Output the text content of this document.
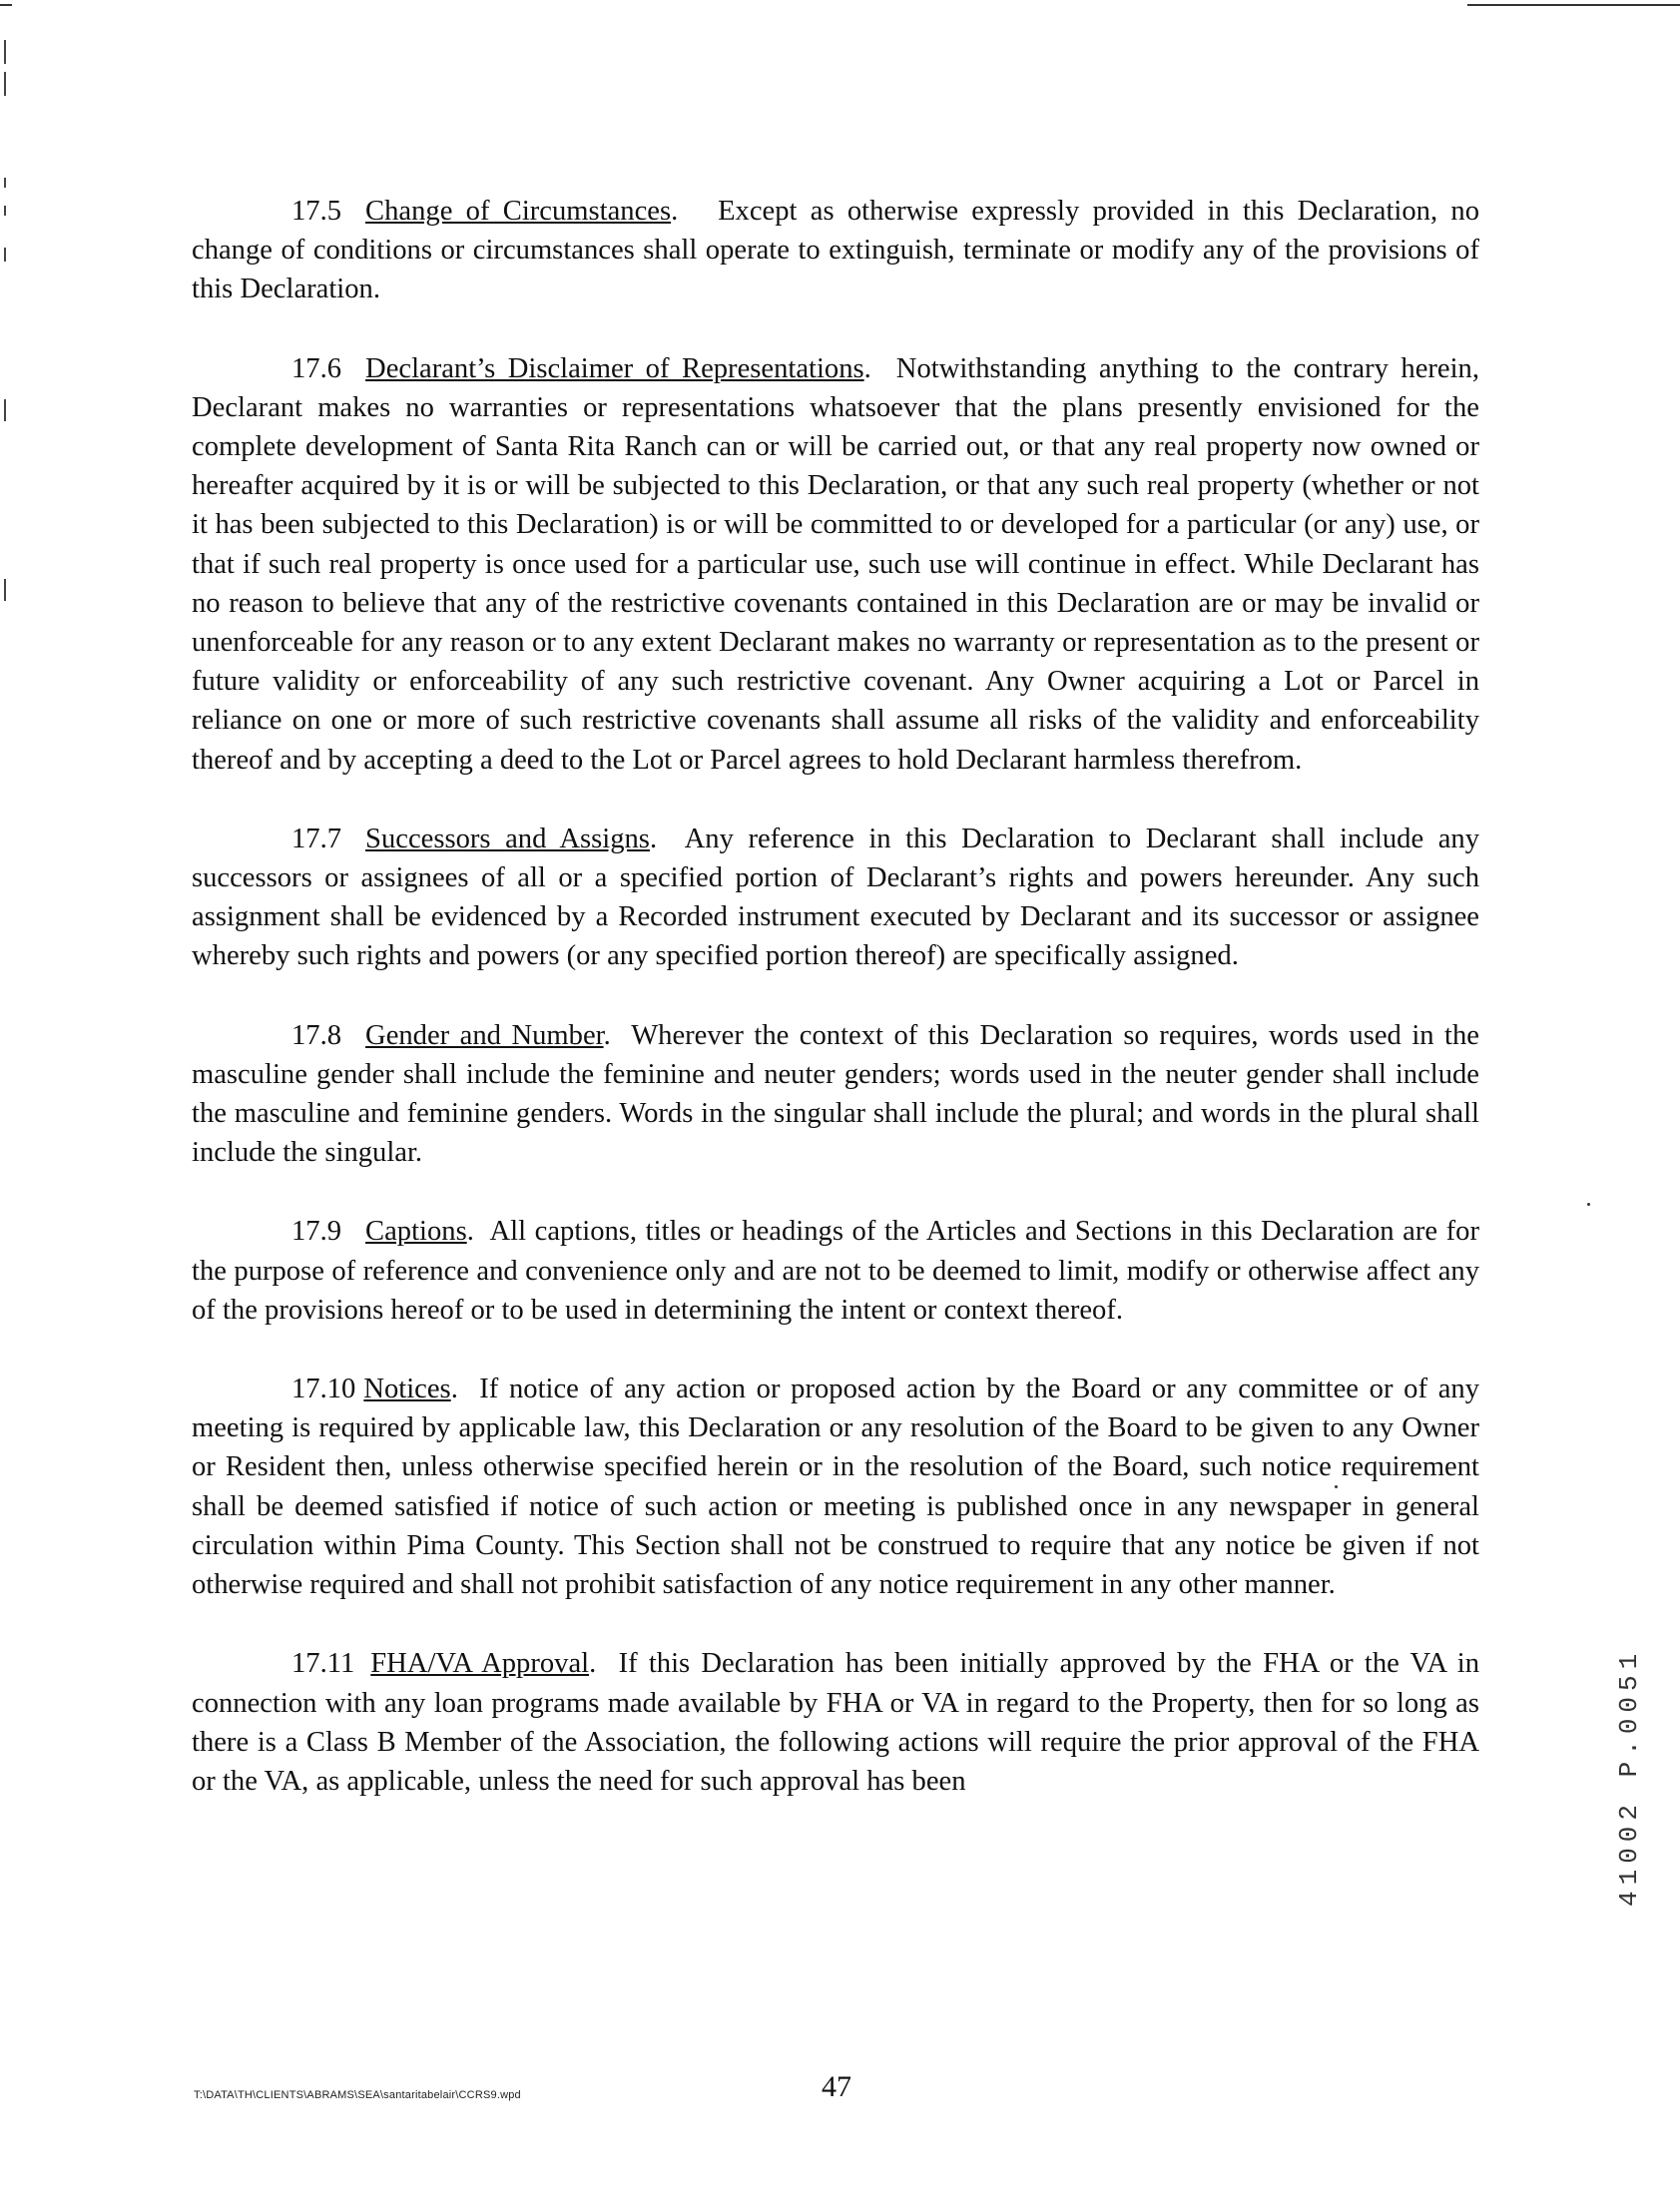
17.5 Change of Circumstances.   Except as otherwise expressly provided in this Declaration, no change of conditions or circumstances shall operate to extinguish, terminate or modify any of the provisions of this Declaration.

17.6 Declarant’s Disclaimer of Representations.  Notwithstanding anything to the contrary herein, Declarant makes no warranties or representations whatsoever that the plans presently envisioned for the complete development of Santa Rita Ranch can or will be carried out, or that any real property now owned or hereafter acquired by it is or will be subjected to this Declaration, or that any such real property (whether or not it has been subjected to this Declaration) is or will be committed to or developed for a particular (or any) use, or that if such real property is once used for a particular use, such use will continue in effect. While Declarant has no reason to believe that any of the restrictive covenants contained in this Declaration are or may be invalid or unenforceable for any reason or to any extent Declarant makes no warranty or representation as to the present or future validity or enforceability of any such restrictive covenant. Any Owner acquiring a Lot or Parcel in reliance on one or more of such restrictive covenants shall assume all risks of the validity and enforceability thereof and by accepting a deed to the Lot or Parcel agrees to hold Declarant harmless therefrom.

17.7 Successors and Assigns.  Any reference in this Declaration to Declarant shall include any successors or assignees of all or a specified portion of Declarant’s rights and powers hereunder. Any such assignment shall be evidenced by a Recorded instrument executed by Declarant and its successor or assignee whereby such rights and powers (or any specified portion thereof) are specifically assigned.

17.8 Gender and Number.  Wherever the context of this Declaration so requires, words used in the masculine gender shall include the feminine and neuter genders; words used in the neuter gender shall include the masculine and feminine genders. Words in the singular shall include the plural; and words in the plural shall include the singular.

17.9 Captions.  All captions, titles or headings of the Articles and Sections in this Declaration are for the purpose of reference and convenience only and are not to be deemed to limit, modify or otherwise affect any of the provisions hereof or to be used in determining the intent or context thereof.

17.10 Notices.  If notice of any action or proposed action by the Board or any committee or of any meeting is required by applicable law, this Declaration or any resolution of the Board to be given to any Owner or Resident then, unless otherwise specified herein or in the resolution of the Board, such notice requirement shall be deemed satisfied if notice of such action or meeting is published once in any newspaper in general circulation within Pima County. This Section shall not be construed to require that any notice be given if not otherwise required and shall not prohibit satisfaction of any notice requirement in any other manner.

17.11 FHA/VA Approval.  If this Declaration has been initially approved by the FHA or the VA in connection with any loan programs made available by FHA or VA in regard to the Property, then for so long as there is a Class B Member of the Association, the following actions will require the prior approval of the FHA or the VA, as applicable, unless the need for such approval has been

T:\DATA\TH\CLIENTS\ABRAMS\SEA\santaritabelair\CCRS9.wpd	47
41002 P.0051
